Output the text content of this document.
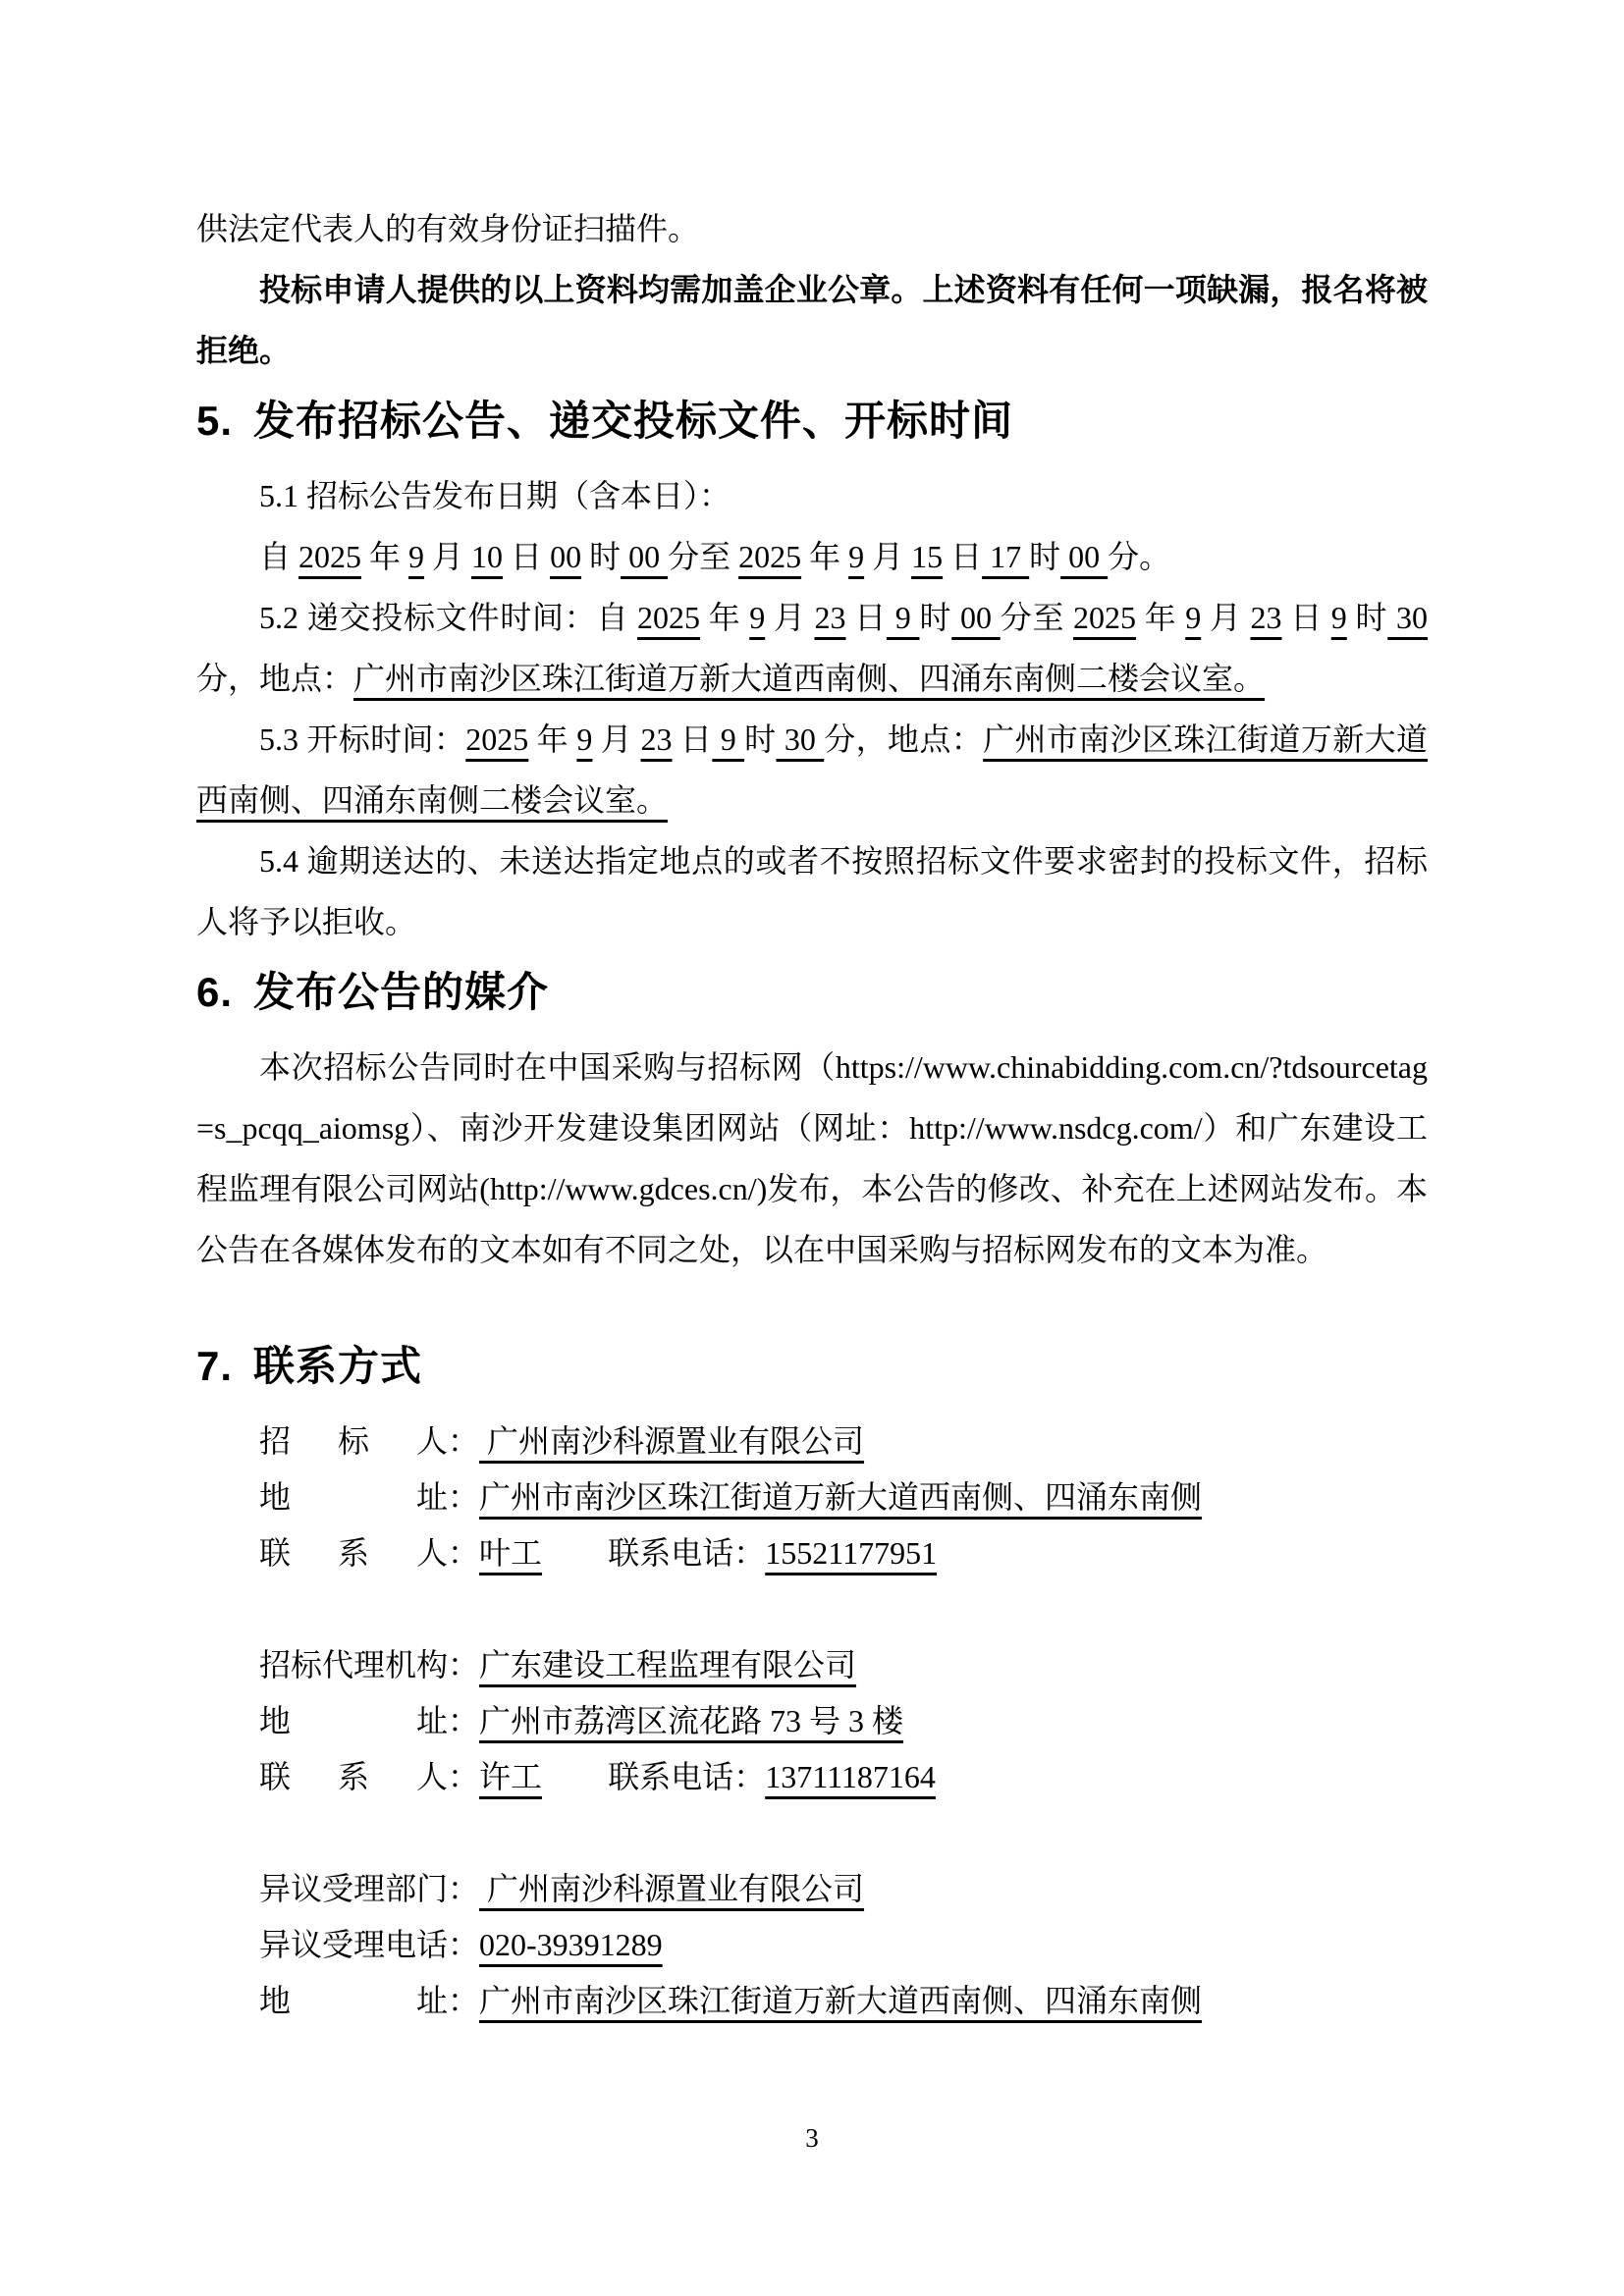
供法定代表人的有效身份证扫描件。

投标申请人提供的以上资料均需加盖企业公章。上述资料有任何一项缺漏，报名将被拒绝。

5. 发布招标公告、递交投标文件、开标时间

5.1 招标公告发布日期（含本日）：

自 2025 年 9 月 10 日 00 时 00 分至 2025 年 9 月 15 日 17 时 00 分。

5.2 递交投标文件时间：自 2025 年 9 月 23 日 9 时 00 分至 2025 年 9 月 23 日 9 时 30 分，地点：广州市南沙区珠江街道万新大道西南侧、四涌东南侧二楼会议室。

5.3 开标时间：2025 年 9 月 23 日 9 时 30 分，地点：广州市南沙区珠江街道万新大道西南侧、四涌东南侧二楼会议室。

5.4 逾期送达的、未送达指定地点的或者不按照招标文件要求密封的投标文件，招标人将予以拒收。

6. 发布公告的媒介

本次招标公告同时在中国采购与招标网（https://www.chinabidding.com.cn/?tdsourcetag=s_pcqq_aiomsg）、南沙开发建设集团网站（网址：http://www.nsdcg.com/）和广东建设工程监理有限公司网站(http://www.gdces.cn/)发布，本公告的修改、补充在上述网站发布。本公告在各媒体发布的文本如有不同之处，以在中国采购与招标网发布的文本为准。

7. 联系方式
招 标 人 ： 广州南沙科源置业有限公司
地	址 ：广州市南沙区珠江街道万新大道西南侧、四涌东南侧
联 系 人 ：叶工 联系电话：15521177951
招 标 代 理 机 构 ：广东建设工程监理有限公司
地	址 ：广州市荔湾区流花路 73 号 3 楼
联 系 人 ：许工 联系电话：13711187164
异 议 受 理 部 门 ： 广州南沙科源置业有限公司
异 议 受 理 电 话 ：020-39391289
地	址 ：广州市南沙区珠江街道万新大道西南侧、四涌东南侧
3
